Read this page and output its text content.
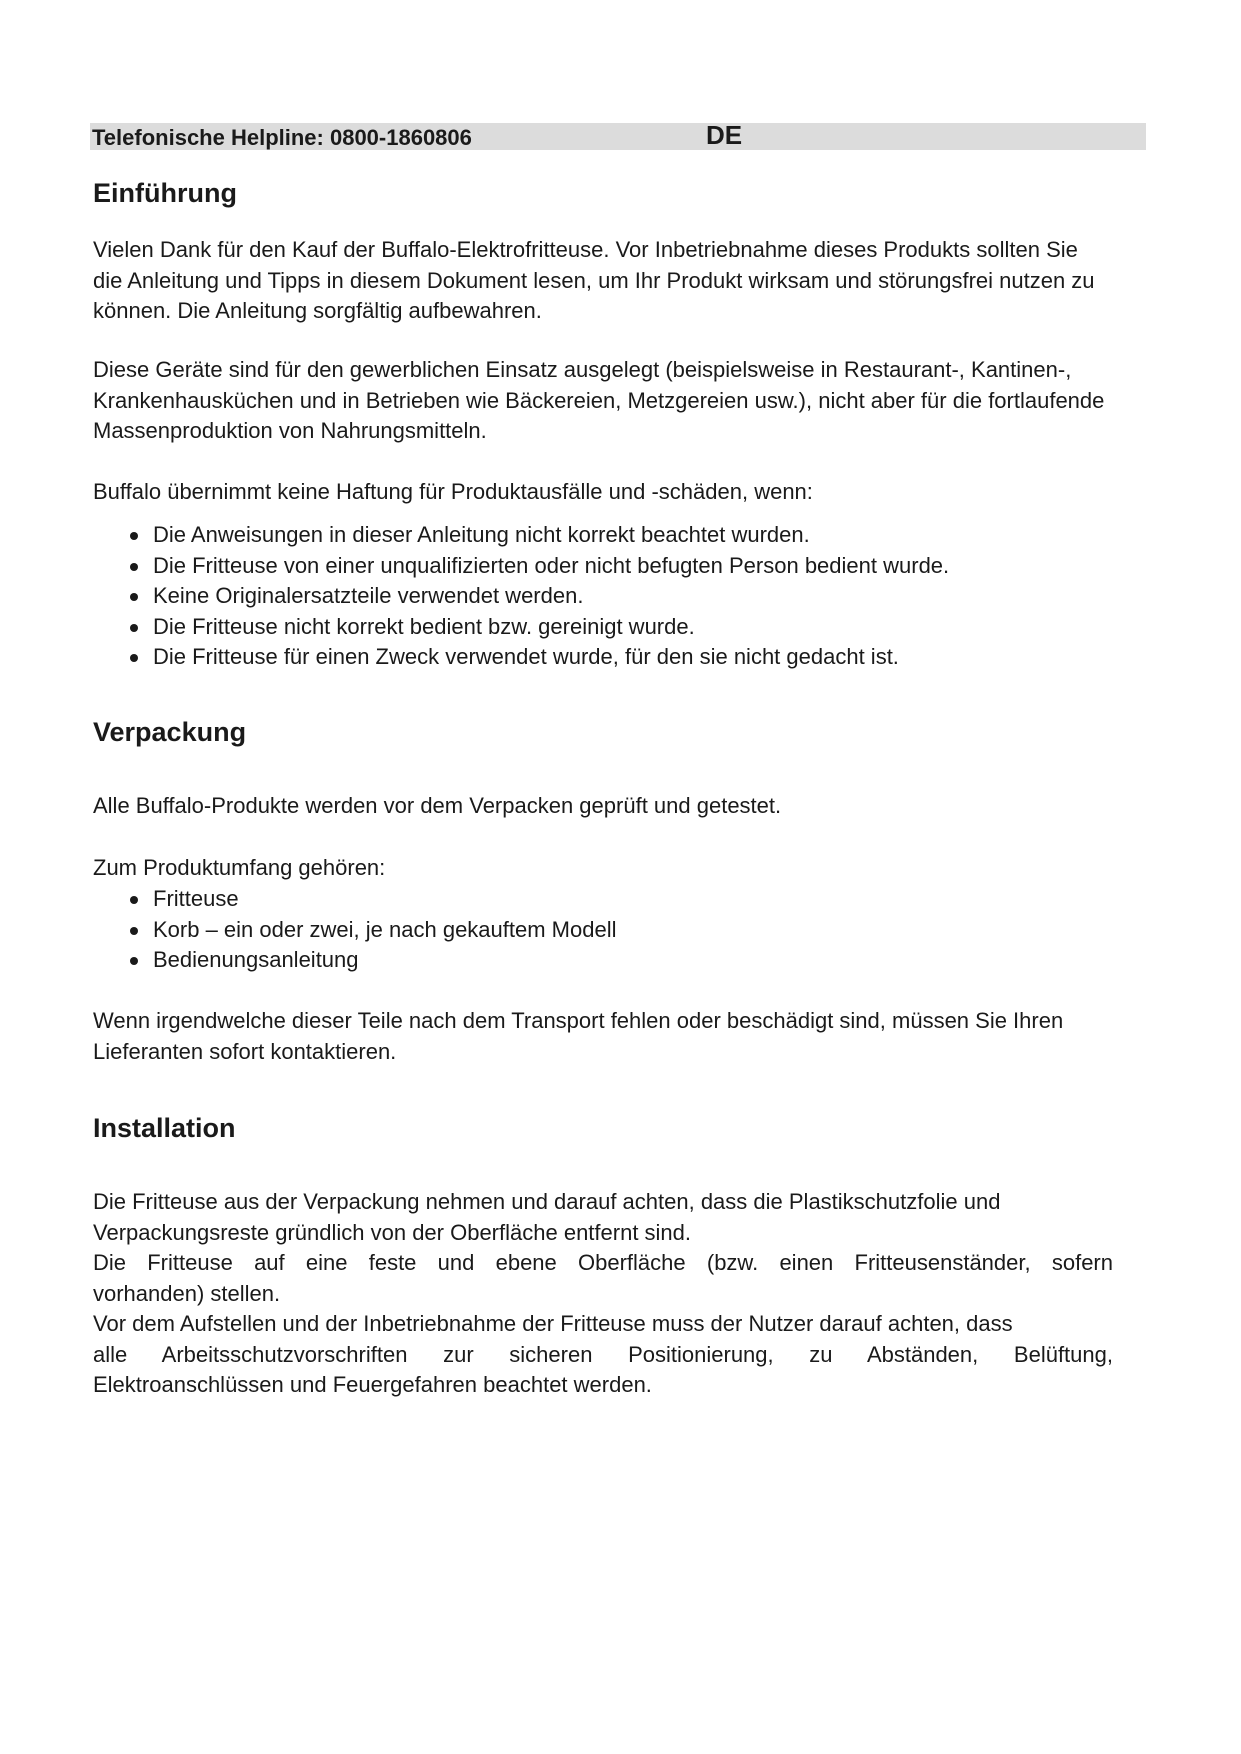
Telefonische Helpline: 0800-1860806	DE
Einführung

Vielen Dank für den Kauf der Buffalo-Elektrofritteuse. Vor Inbetriebnahme dieses Produkts sollten Sie die Anleitung und Tipps in diesem Dokument lesen, um Ihr Produkt wirksam und störungsfrei nutzen zu können. Die Anleitung sorgfältig aufbewahren.

Diese Geräte sind für den gewerblichen Einsatz ausgelegt (beispielsweise in Restaurant-, Kantinen-, Krankenhausküchen und in Betrieben wie Bäckereien, Metzgereien usw.), nicht aber für die fortlaufende Massenproduktion von Nahrungsmitteln.

Buffalo übernimmt keine Haftung für Produktausfälle und -schäden, wenn:

Die Anweisungen in dieser Anleitung nicht korrekt beachtet wurden.
Die Fritteuse von einer unqualifizierten oder nicht befugten Person bedient wurde.
Keine Originalersatzteile verwendet werden.
Die Fritteuse nicht korrekt bedient bzw. gereinigt wurde.
Die Fritteuse für einen Zweck verwendet wurde, für den sie nicht gedacht ist.
Verpackung

Alle Buffalo-Produkte werden vor dem Verpacken geprüft und getestet.

Zum Produktumfang gehören:

Fritteuse
Korb – ein oder zwei, je nach gekauftem Modell
Bedienungsanleitung

Wenn irgendwelche dieser Teile nach dem Transport fehlen oder beschädigt sind, müssen Sie Ihren Lieferanten sofort kontaktieren.

Installation

Die Fritteuse aus der Verpackung nehmen und darauf achten, dass die Plastikschutzfolie und Verpackungsreste gründlich von der Oberfläche entfernt sind.

Die Fritteuse auf eine feste und ebene Oberfläche (bzw. einen Fritteusenständer, sofern

vorhanden) stellen.

Vor dem Aufstellen und der Inbetriebnahme der Fritteuse muss der Nutzer darauf achten, dass

alle Arbeitsschutzvorschriften zur sicheren Positionierung, zu Abständen, Belüftung,

Elektroanschlüssen und Feuergefahren beachtet werden.
